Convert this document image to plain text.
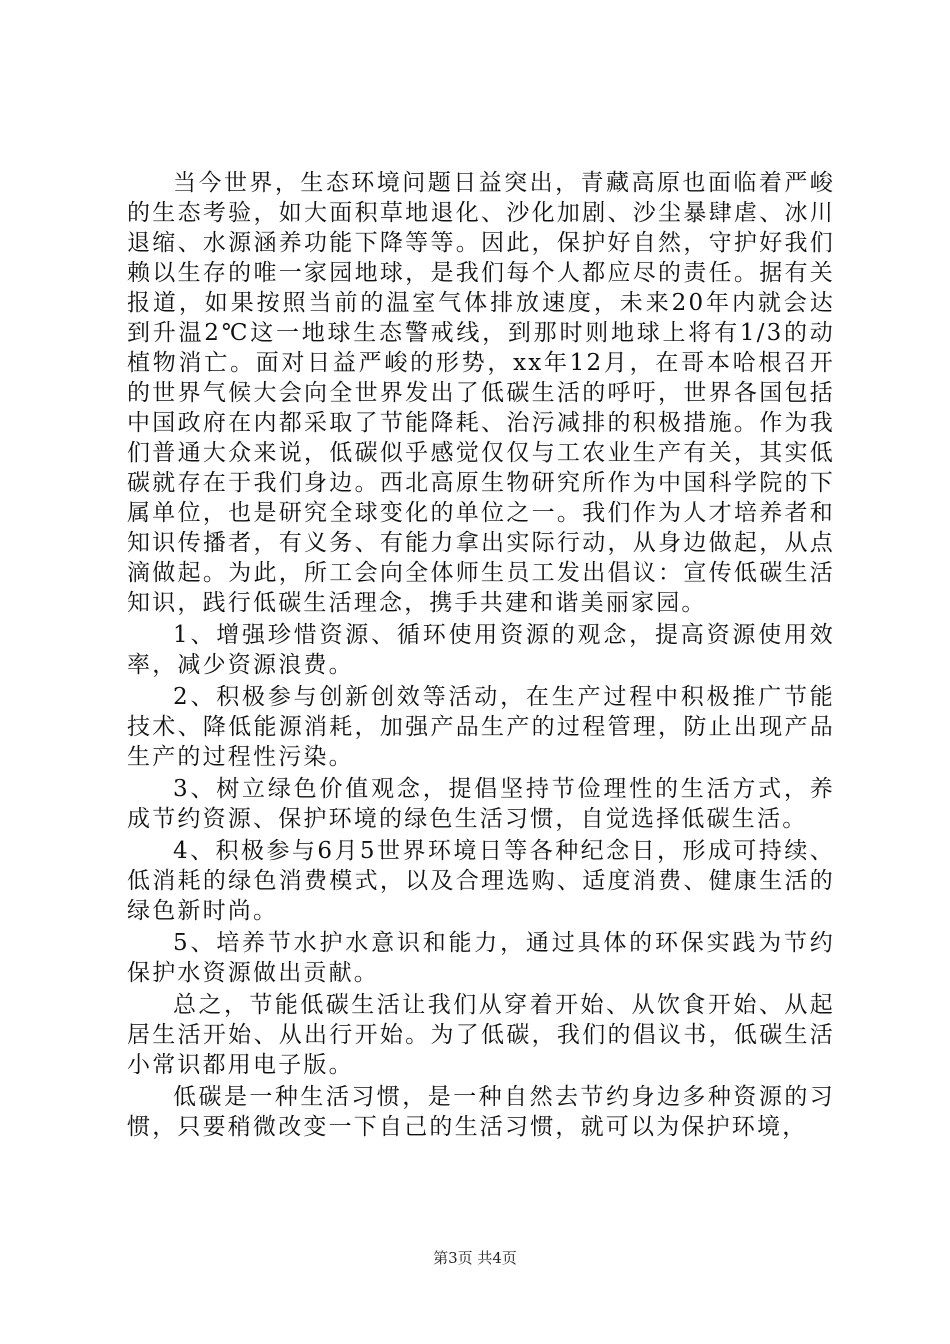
当今世界，生态环境问题日益突出，青藏高原也面临着严峻的生态考验，如大面积草地退化、沙化加剧、沙尘暴肆虐、冰川退缩、水源涵养功能下降等等。因此，保护好自然，守护好我们赖以生存的唯一家园地球，是我们每个人都应尽的责任。据有关报道，如果按照当前的温室气体排放速度，未来20年内就会达到升温2℃这一地球生态警戒线，到那时则地球上将有1/3的动植物消亡。面对日益严峻的形势，xx年12月，在哥本哈根召开的世界气候大会向全世界发出了低碳生活的呼吁，世界各国包括中国政府在内都采取了节能降耗、治污减排的积极措施。作为我们普通大众来说，低碳似乎感觉仅仅与工农业生产有关，其实低碳就存在于我们身边。西北高原生物研究所作为中国科学院的下属单位，也是研究全球变化的单位之一。我们作为人才培养者和知识传播者，有义务、有能力拿出实际行动，从身边做起，从点滴做起。为此，所工会向全体师生员工发出倡议：宣传低碳生活知识，践行低碳生活理念，携手共建和谐美丽家园。

1、增强珍惜资源、循环使用资源的观念，提高资源使用效率，减少资源浪费。

2、积极参与创新创效等活动，在生产过程中积极推广节能技术、降低能源消耗，加强产品生产的过程管理，防止出现产品生产的过程性污染。

3、树立绿色价值观念，提倡坚持节俭理性的生活方式，养成节约资源、保护环境的绿色生活习惯，自觉选择低碳生活。

4、积极参与6月5世界环境日等各种纪念日，形成可持续、低消耗的绿色消费模式，以及合理选购、适度消费、健康生活的绿色新时尚。

5、培养节水护水意识和能力，通过具体的环保实践为节约保护水资源做出贡献。

总之，节能低碳生活让我们从穿着开始、从饮食开始、从起居生活开始、从出行开始。为了低碳，我们的倡议书，低碳生活小常识都用电子版。

低碳是一种生活习惯，是一种自然去节约身边多种资源的习惯，只要稍微改变一下自己的生活习惯，就可以为保护环境，

第3页 共4页
